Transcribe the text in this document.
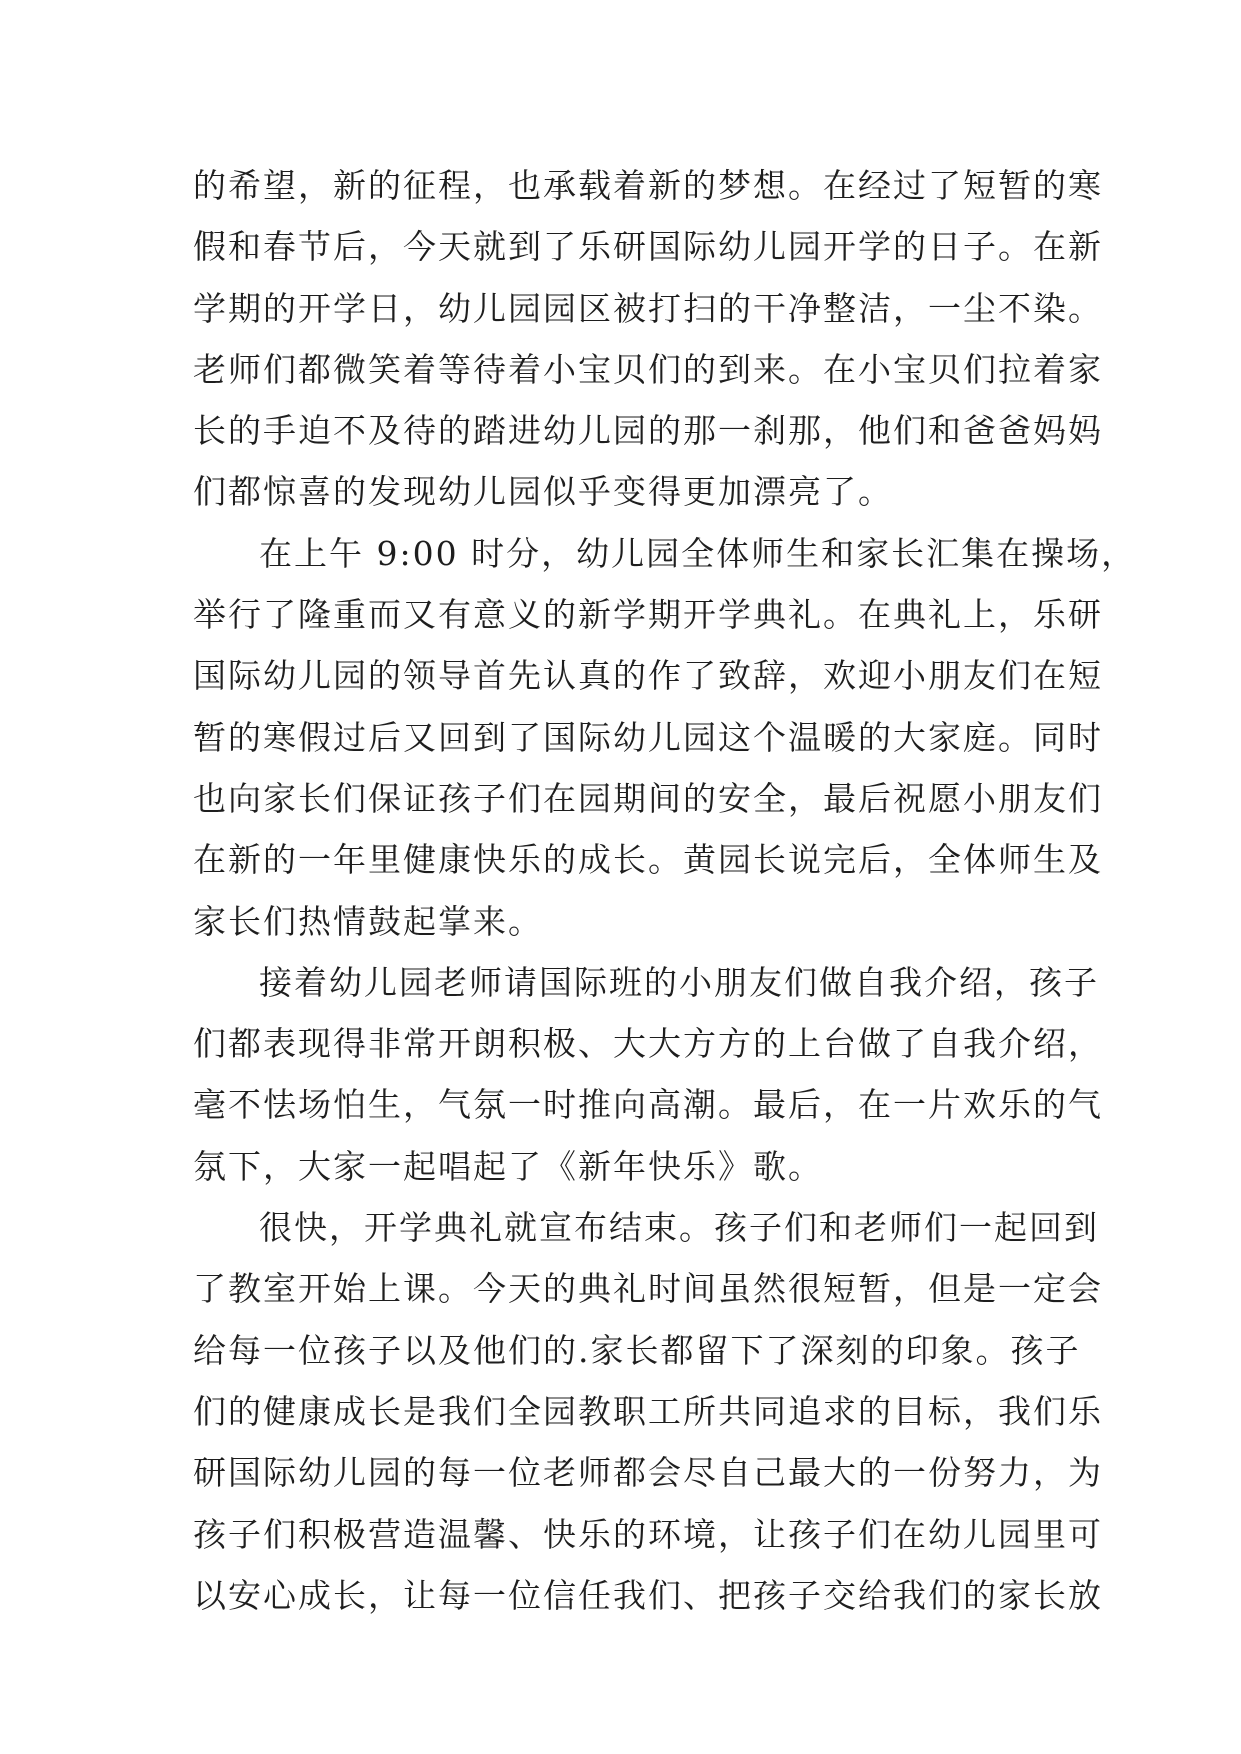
的希望，新的征程，也承载着新的梦想。在经过了短暂的寒
假和春节后，今天就到了乐研国际幼儿园开学的日子。在新
学期的开学日，幼儿园园区被打扫的干净整洁，一尘不染。
老师们都微笑着等待着小宝贝们的到来。在小宝贝们拉着家
长的手迫不及待的踏进幼儿园的那一刹那，他们和爸爸妈妈
们都惊喜的发现幼儿园似乎变得更加漂亮了。
在上午 9:00 时分，幼儿园全体师生和家长汇集在操场，
举行了隆重而又有意义的新学期开学典礼。在典礼上，乐研
国际幼儿园的领导首先认真的作了致辞，欢迎小朋友们在短
暂的寒假过后又回到了国际幼儿园这个温暖的大家庭。同时
也向家长们保证孩子们在园期间的安全，最后祝愿小朋友们
在新的一年里健康快乐的成长。黄园长说完后，全体师生及
家长们热情鼓起掌来。
接着幼儿园老师请国际班的小朋友们做自我介绍，孩子
们都表现得非常开朗积极、大大方方的上台做了自我介绍，
毫不怯场怕生，气氛一时推向高潮。最后，在一片欢乐的气
氛下，大家一起唱起了《新年快乐》歌。
很快，开学典礼就宣布结束。孩子们和老师们一起回到
了教室开始上课。今天的典礼时间虽然很短暂，但是一定会
给每一位孩子以及他们的.家长都留下了深刻的印象。孩子
们的健康成长是我们全园教职工所共同追求的目标，我们乐
研国际幼儿园的每一位老师都会尽自己最大的一份努力，为
孩子们积极营造温馨、快乐的环境，让孩子们在幼儿园里可
以安心成长，让每一位信任我们、把孩子交给我们的家长放
